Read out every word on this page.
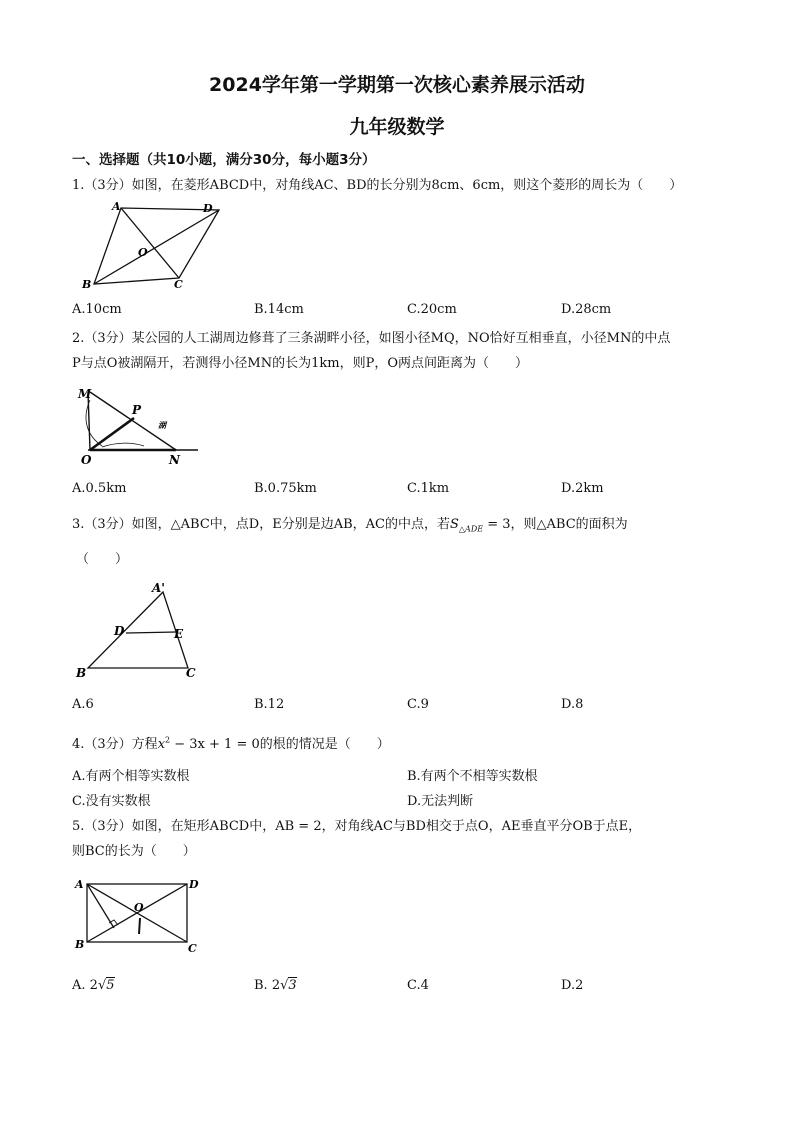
2024学年第一学期第一次核心素养展示活动
九年级数学
一、选择题（共10小题，满分30分，每小题3分）
1.（3分）如图，在菱形ABCD中，对角线AC、BD的长分别为8cm、6cm，则这个菱形的周长为（　　）
A	D
O
B	C
A.10cm	B.14cm	C.20cm	D.28cm
2.（3分）某公园的人工湖周边修葺了三条湖畔小径，如图小径MQ，NO恰好互相垂直，小径MN的中点
P与点O被湖隔开，若测得小径MN的长为1km，则P，O两点间距离为（　　）
M
P
O	N
湖
A.0.5km	B.0.75km	C.1km	D.2km
3.（3分）如图，△ABC中，点D，E分别是边AB，AC的中点，若$S_{\triangle ADE} = 3$，则△ABC的面积为
（　　）
A'
D	E
B	C
A.6	B.12	C.9	D.8
4.（3分）方程$x^2 - 3x + 1 = 0$的根的情况是（　　）
A.有两个相等实数根	B.有两个不相等实数根
C.没有实数根	D.无法判断
5.（3分）如图，在矩形ABCD中，AB = 2，对角线AC与BD相交于点O，AE垂直平分OB于点E，
则BC的长为（　　）
A	D
O
B	C
A. 2√5	B. 2√3	C.4	D.2
